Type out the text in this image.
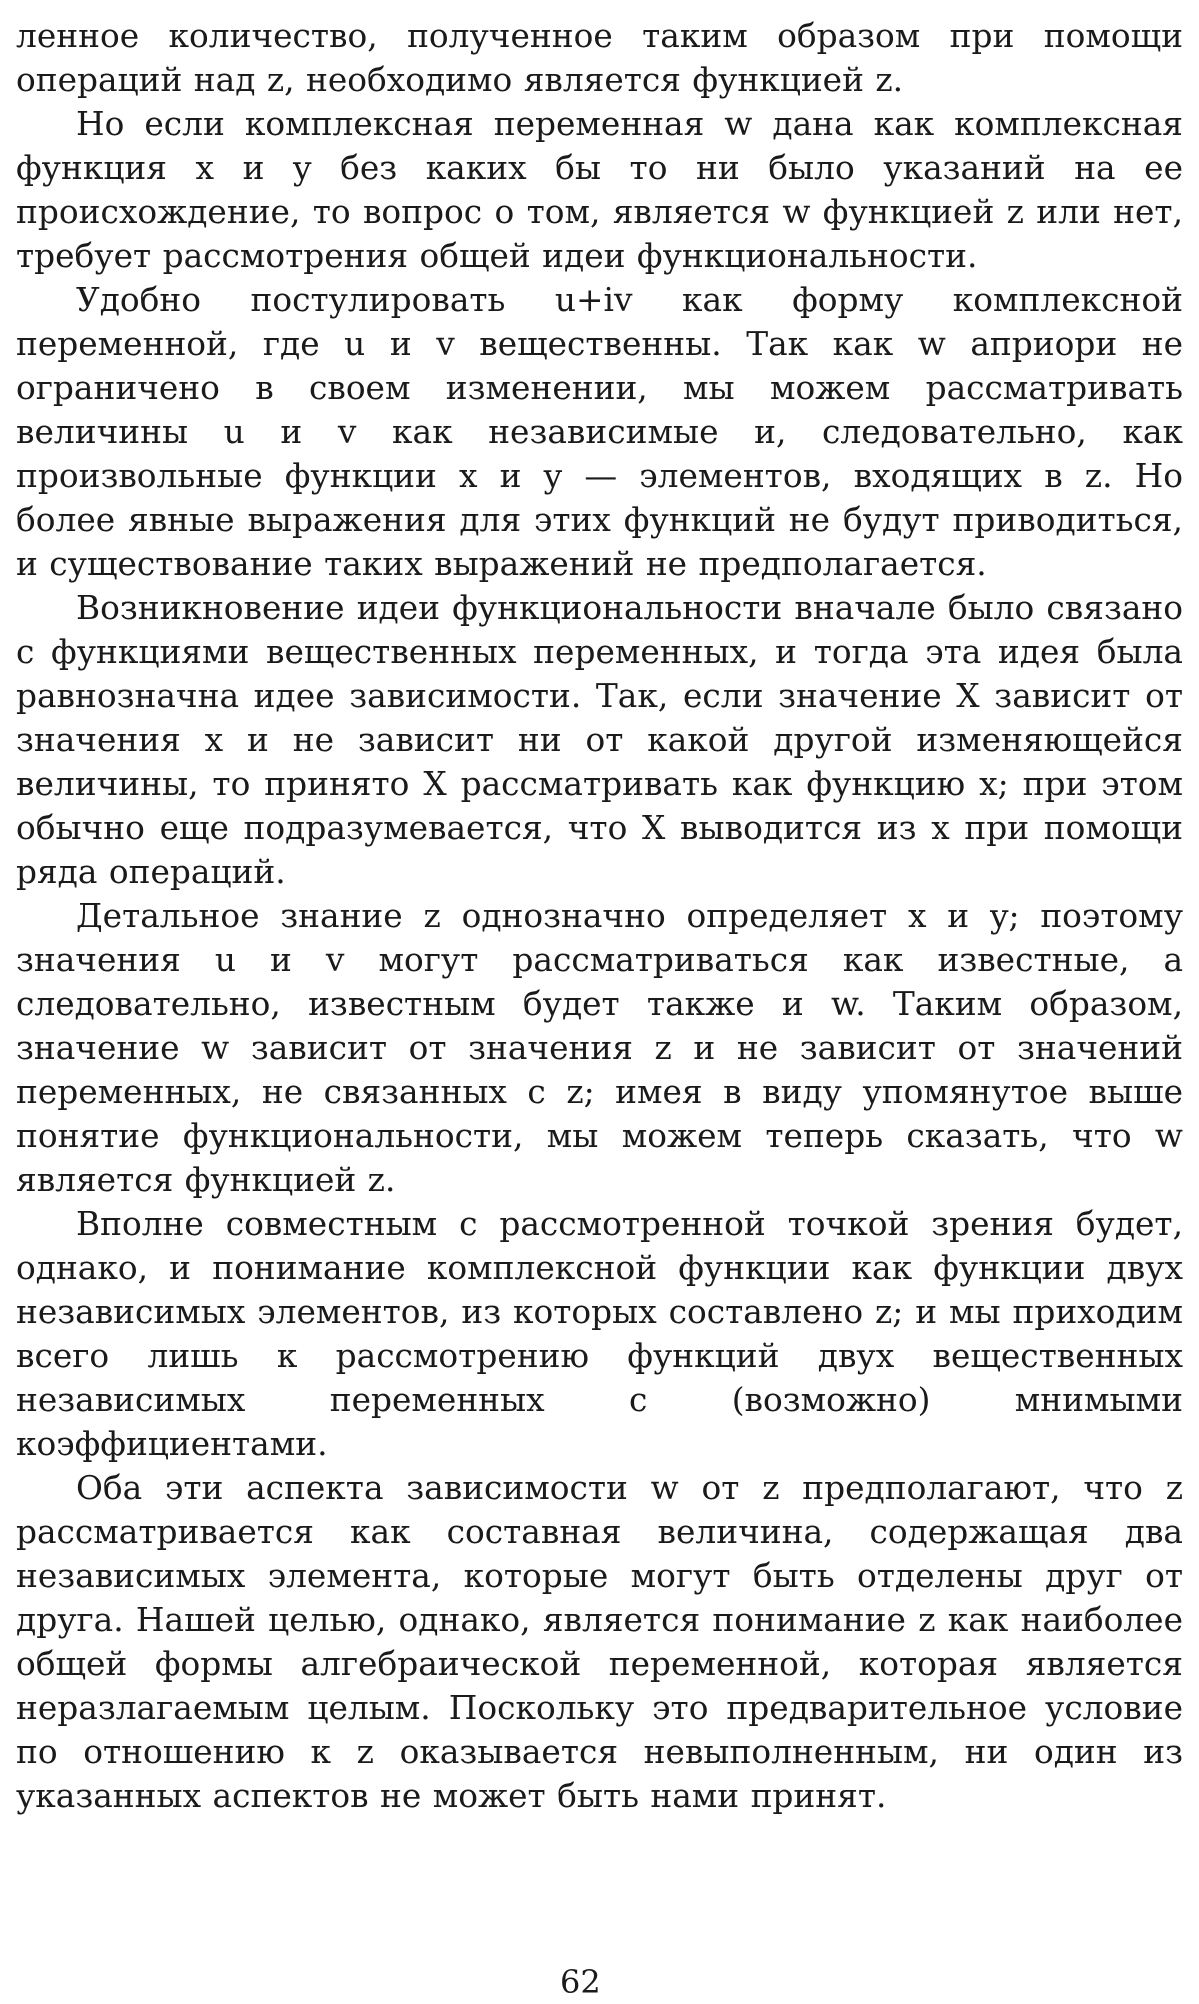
ленное количество, полученное таким образом при помощи операций над z, необходимо является функцией z.

Но если комплексная переменная w дана как комплексная функция x и y без каких бы то ни было указаний на ее происхождение, то вопрос о том, является w функцией z или нет, требует рассмотрения общей идеи функциональности.

Удобно постулировать u+iv как форму комплексной переменной, где u и v вещественны. Так как w априори не ограничено в своем изменении, мы можем рассматривать величины u и v как независимые и, следовательно, как произвольные функции x и y — элементов, входящих в z. Но более явные выражения для этих функций не будут приводиться, и существование таких выражений не предполагается.

Возникновение идеи функциональности вначале было связано с функциями вещественных переменных, и тогда эта идея была равнозначна идее зависимости. Так, если значение X зависит от значения x и не зависит ни от какой другой изменяющейся величины, то принято X рассматривать как функцию x; при этом обычно еще подразумевается, что X выводится из x при помощи ряда операций.

Детальное знание z однозначно определяет x и y; поэтому значения u и v могут рассматриваться как известные, а следовательно, известным будет также и w. Таким образом, значение w зависит от значения z и не зависит от значений переменных, не связанных с z; имея в виду упомянутое выше понятие функциональности, мы можем теперь сказать, что w является функцией z.

Вполне совместным с рассмотренной точкой зрения будет, однако, и понимание комплексной функции как функции двух независимых элементов, из которых составлено z; и мы приходим всего лишь к рассмотрению функций двух вещественных независимых переменных с (возможно) мнимыми коэффициентами.

Оба эти аспекта зависимости w от z предполагают, что z рассматривается как составная величина, содержащая два независимых элемента, которые могут быть отделены друг от друга. Нашей целью, однако, является понимание z как наиболее общей формы алгебраической переменной, которая является неразлагаемым целым. Поскольку это предварительное условие по отношению к z оказывается невыполненным, ни один из указанных аспектов не может быть нами принят.

62
